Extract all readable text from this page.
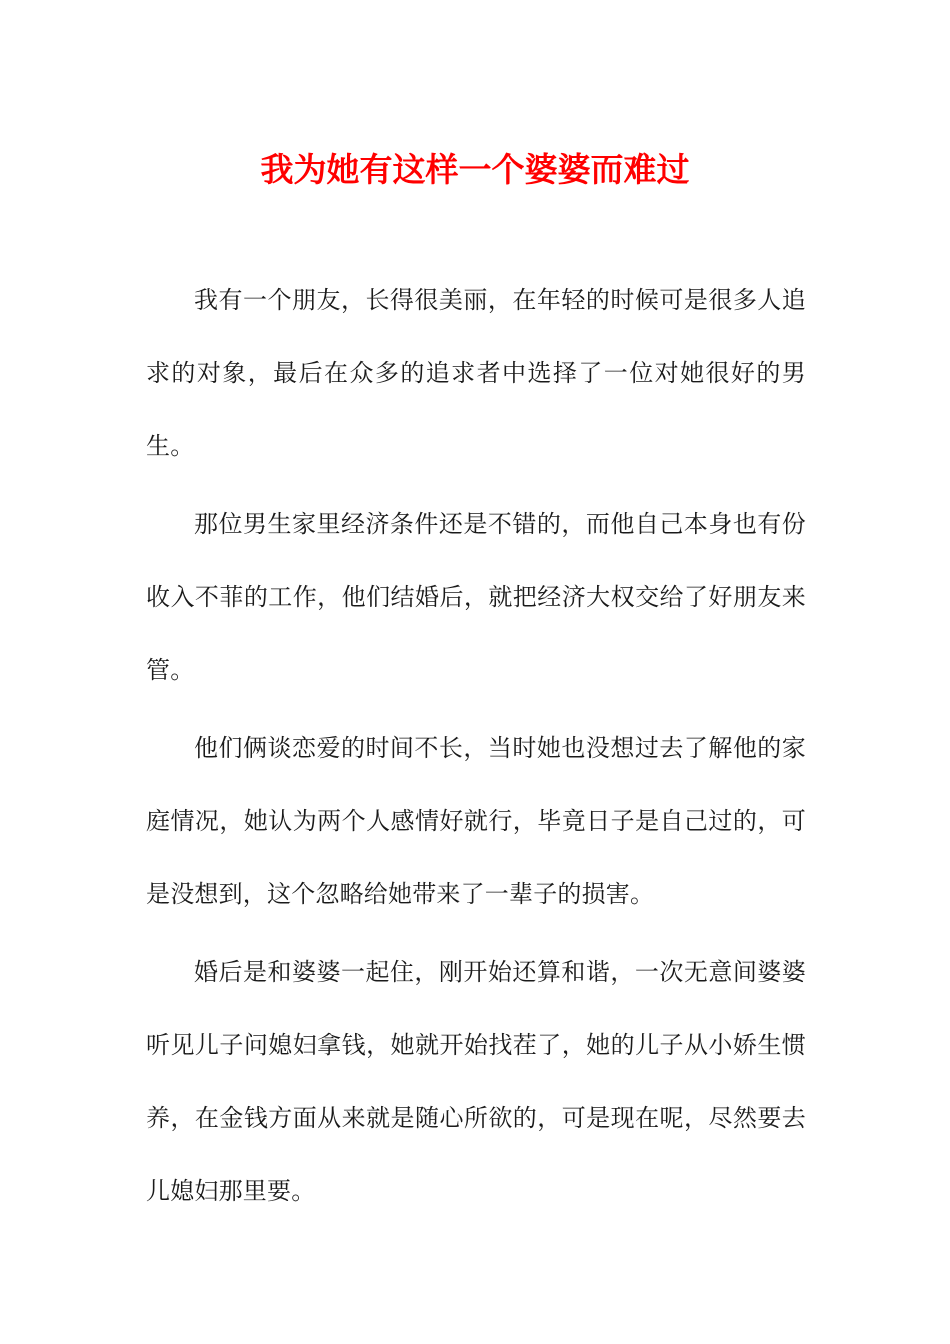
我为她有这样一个婆婆而难过
我有一个朋友，长得很美丽，在年轻的时候可是很多人追求的对象，最后在众多的追求者中选择了一位对她很好的男生。
那位男生家里经济条件还是不错的，而他自己本身也有份收入不菲的工作，他们结婚后，就把经济大权交给了好朋友来管。
他们俩谈恋爱的时间不长，当时她也没想过去了解他的家庭情况，她认为两个人感情好就行，毕竟日子是自己过的，可是没想到，这个忽略给她带来了一辈子的损害。
婚后是和婆婆一起住，刚开始还算和谐，一次无意间婆婆听见儿子问媳妇拿钱，她就开始找茬了，她的儿子从小娇生惯养，在金钱方面从来就是随心所欲的，可是现在呢，尽然要去儿媳妇那里要。
